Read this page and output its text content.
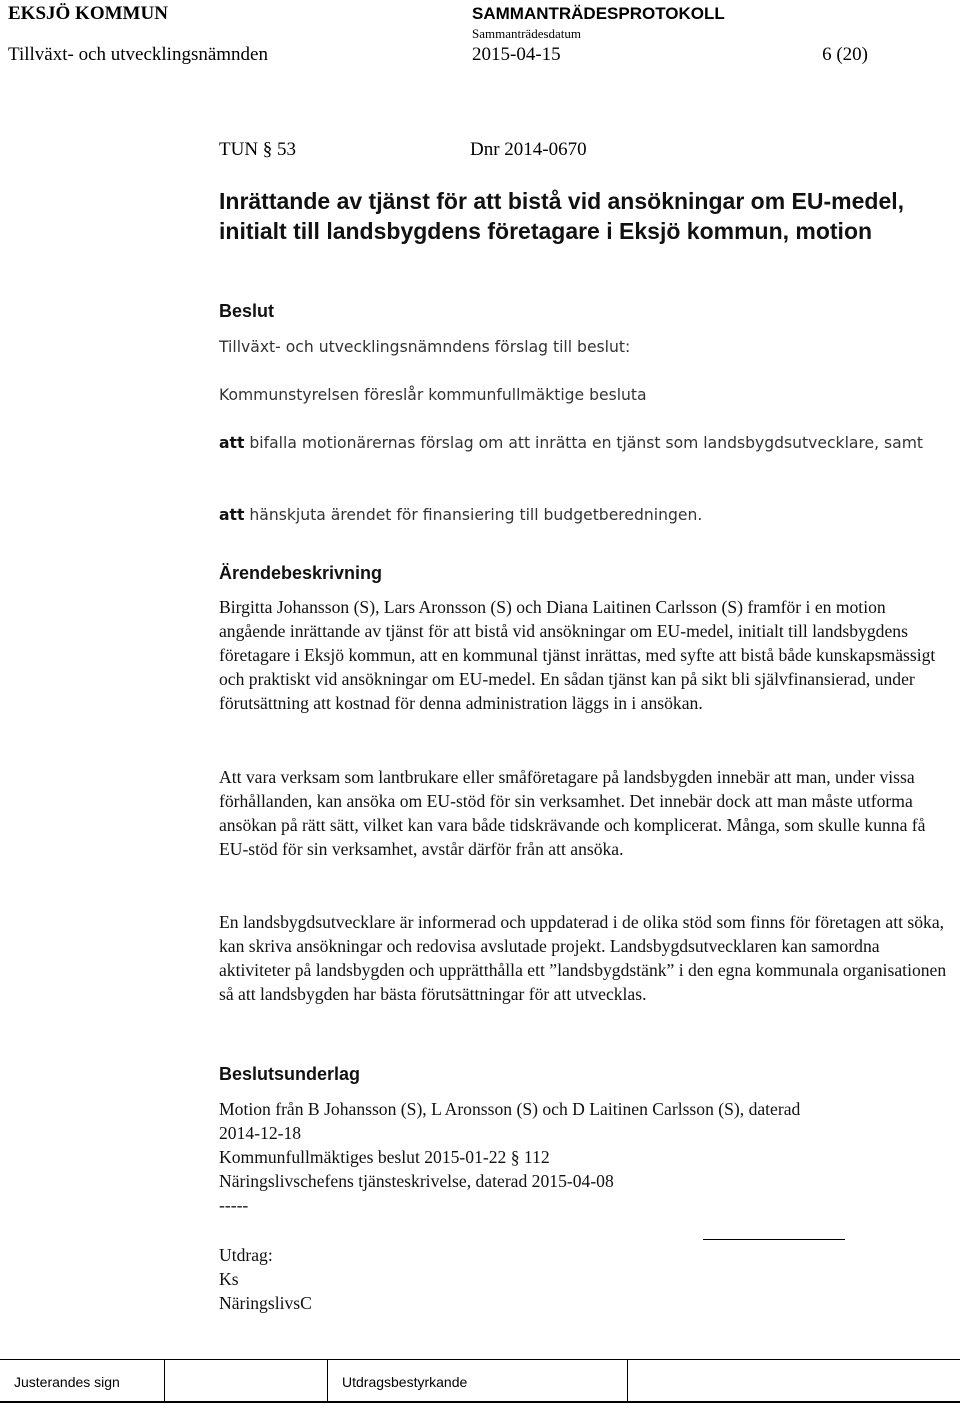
EKSJÖ KOMMUN	SAMMANTRÄDESPROTOKOLL
Sammanträdesdatum
Tillväxt- och utvecklingsnämnden	2015-04-15	6 (20)
TUN § 53	Dnr 2014-0670
Inrättande av tjänst för att bistå vid ansökningar om EU-medel, initialt till landsbygdens företagare i Eksjö kommun, motion
Beslut
Tillväxt- och utvecklingsnämndens förslag till beslut:
Kommunstyrelsen föreslår kommunfullmäktige besluta
att bifalla motionärernas förslag om att inrätta en tjänst som landsbygdsutvecklare, samt
att hänskjuta ärendet för finansiering till budgetberedningen.
Ärendebeskrivning
Birgitta Johansson (S), Lars Aronsson (S) och Diana Laitinen Carlsson (S) framför i en motion angående inrättande av tjänst för att bistå vid ansökningar om EU-medel, initialt till landsbygdens företagare i Eksjö kommun, att en kommunal tjänst inrättas, med syfte att bistå både kunskapsmässigt och praktiskt vid ansökningar om EU-medel. En sådan tjänst kan på sikt bli självfinansierad, under förutsättning att kostnad för denna administration läggs in i ansökan.
Att vara verksam som lantbrukare eller småföretagare på landsbygden innebär att man, under vissa förhållanden, kan ansöka om EU-stöd för sin verksamhet. Det innebär dock att man måste utforma ansökan på rätt sätt, vilket kan vara både tidskrävande och komplicerat. Många, som skulle kunna få EU-stöd för sin verksamhet, avstår därför från att ansöka.
En landsbygdsutvecklare är informerad och uppdaterad i de olika stöd som finns för företagen att söka, kan skriva ansökningar och redovisa avslutade projekt. Landsbygdsutvecklaren kan samordna aktiviteter på landsbygden och upprätthålla ett ”landsbygdstänk” i den egna kommunala organisationen så att landsbygden har bästa förutsättningar för att utvecklas.
Beslutsunderlag
Motion från B Johansson (S), L Aronsson (S) och D Laitinen Carlsson (S), daterad
2014-12-18
Kommunfullmäktiges beslut 2015-01-22 § 112
Näringslivschefens tjänsteskrivelse, daterad 2015-04-08
-----
Utdrag:
Ks
NäringslivsC
Justerandes sign	Utdragsbestyrkande
